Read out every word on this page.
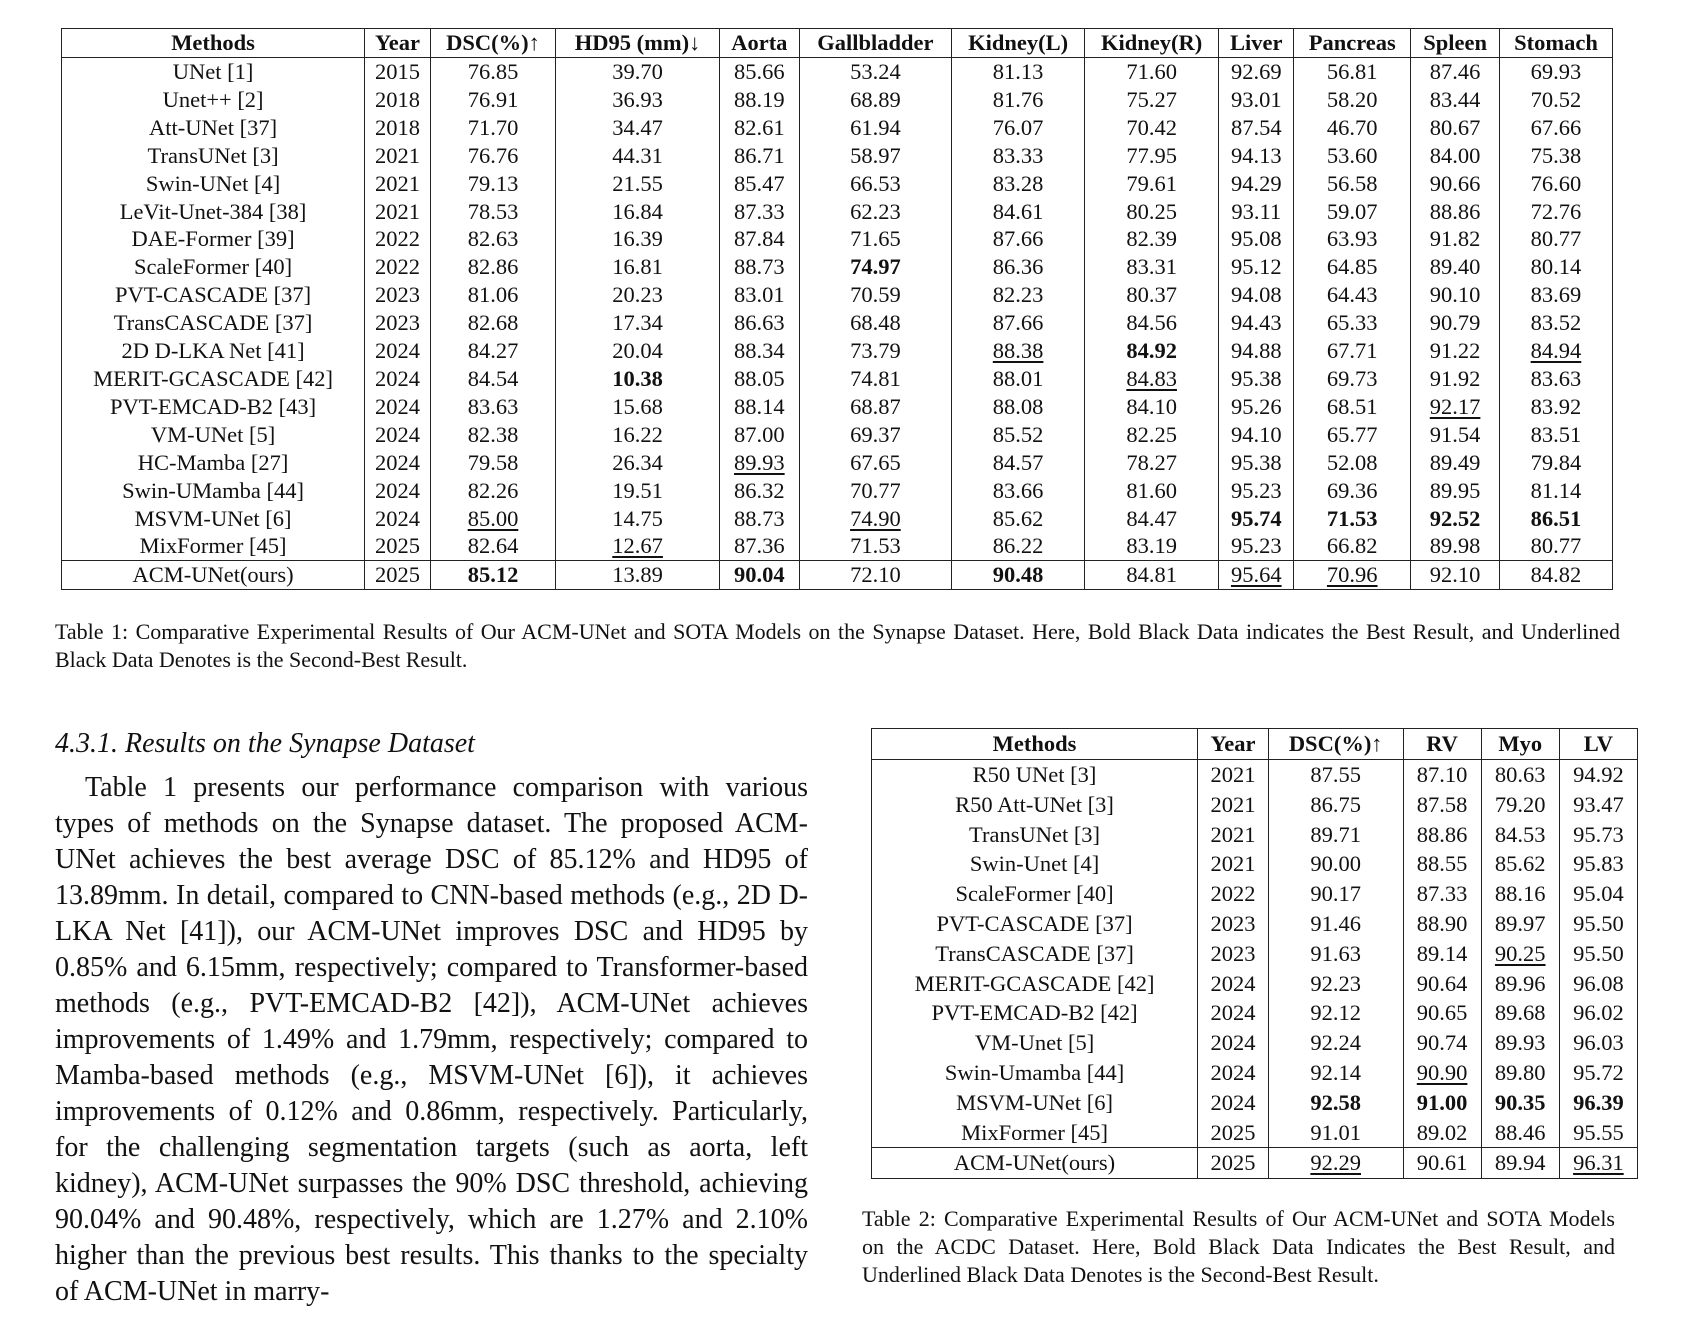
Methods	Year	DSC(%)↑	HD95 (mm)↓	Aorta	Gallbladder	Kidney(L)	Kidney(R)	Liver	Pancreas	Spleen	Stomach
UNet [1]	2015	76.85	39.70	85.66	53.24	81.13	71.60	92.69	56.81	87.46	69.93
Unet++ [2]	2018	76.91	36.93	88.19	68.89	81.76	75.27	93.01	58.20	83.44	70.52
Att-UNet [37]	2018	71.70	34.47	82.61	61.94	76.07	70.42	87.54	46.70	80.67	67.66
TransUNet [3]	2021	76.76	44.31	86.71	58.97	83.33	77.95	94.13	53.60	84.00	75.38
Swin-UNet [4]	2021	79.13	21.55	85.47	66.53	83.28	79.61	94.29	56.58	90.66	76.60
LeVit-Unet-384 [38]	2021	78.53	16.84	87.33	62.23	84.61	80.25	93.11	59.07	88.86	72.76
DAE-Former [39]	2022	82.63	16.39	87.84	71.65	87.66	82.39	95.08	63.93	91.82	80.77
ScaleFormer [40]	2022	82.86	16.81	88.73	74.97	86.36	83.31	95.12	64.85	89.40	80.14
PVT-CASCADE [37]	2023	81.06	20.23	83.01	70.59	82.23	80.37	94.08	64.43	90.10	83.69
TransCASCADE [37]	2023	82.68	17.34	86.63	68.48	87.66	84.56	94.43	65.33	90.79	83.52
2D D-LKA Net [41]	2024	84.27	20.04	88.34	73.79	88.38	84.92	94.88	67.71	91.22	84.94
MERIT-GCASCADE [42]	2024	84.54	10.38	88.05	74.81	88.01	84.83	95.38	69.73	91.92	83.63
PVT-EMCAD-B2 [43]	2024	83.63	15.68	88.14	68.87	88.08	84.10	95.26	68.51	92.17	83.92
VM-UNet [5]	2024	82.38	16.22	87.00	69.37	85.52	82.25	94.10	65.77	91.54	83.51
HC-Mamba [27]	2024	79.58	26.34	89.93	67.65	84.57	78.27	95.38	52.08	89.49	79.84
Swin-UMamba [44]	2024	82.26	19.51	86.32	70.77	83.66	81.60	95.23	69.36	89.95	81.14
MSVM-UNet [6]	2024	85.00	14.75	88.73	74.90	85.62	84.47	95.74	71.53	92.52	86.51
MixFormer [45]	2025	82.64	12.67	87.36	71.53	86.22	83.19	95.23	66.82	89.98	80.77
ACM-UNet(ours)	2025	85.12	13.89	90.04	72.10	90.48	84.81	95.64	70.96	92.10	84.82
Table 1: Comparative Experimental Results of Our ACM-UNet and SOTA Models on the Synapse Dataset. Here, Bold Black Data indicates the Best Result, and Underlined Black Data Denotes is the Second-Best Result.
4.3.1. Results on the Synapse Dataset
Table 1 presents our performance comparison with various types of methods on the Synapse dataset. The proposed ACM-UNet achieves the best average DSC of 85.12% and HD95 of 13.89mm. In detail, compared to CNN-based methods (e.g., 2D D-LKA Net [41]), our ACM-UNet improves DSC and HD95 by 0.85% and 6.15mm, respectively; compared to Transformer-based methods (e.g., PVT-EMCAD-B2 [42]), ACM-UNet achieves improvements of 1.49% and 1.79mm, respectively; compared to Mamba-based methods (e.g., MSVM-UNet [6]), it achieves improvements of 0.12% and 0.86mm, respectively. Particularly, for the challenging segmentation targets (such as aorta, left kidney), ACM-UNet surpasses the 90% DSC threshold, achieving 90.04% and 90.48%, respectively, which are 1.27% and 2.10% higher than the previous best results. This thanks to the specialty of ACM-UNet in marry-
Methods	Year	DSC(%)↑	RV	Myo	LV
R50 UNet [3]	2021	87.55	87.10	80.63	94.92
R50 Att-UNet [3]	2021	86.75	87.58	79.20	93.47
TransUNet [3]	2021	89.71	88.86	84.53	95.73
Swin-Unet [4]	2021	90.00	88.55	85.62	95.83
ScaleFormer [40]	2022	90.17	87.33	88.16	95.04
PVT-CASCADE [37]	2023	91.46	88.90	89.97	95.50
TransCASCADE [37]	2023	91.63	89.14	90.25	95.50
MERIT-GCASCADE [42]	2024	92.23	90.64	89.96	96.08
PVT-EMCAD-B2 [42]	2024	92.12	90.65	89.68	96.02
VM-Unet [5]	2024	92.24	90.74	89.93	96.03
Swin-Umamba [44]	2024	92.14	90.90	89.80	95.72
MSVM-UNet [6]	2024	92.58	91.00	90.35	96.39
MixFormer [45]	2025	91.01	89.02	88.46	95.55
ACM-UNet(ours)	2025	92.29	90.61	89.94	96.31
Table 2: Comparative Experimental Results of Our ACM-UNet and SOTA Models on the ACDC Dataset. Here, Bold Black Data Indicates the Best Result, and Underlined Black Data Denotes is the Second-Best Result.
